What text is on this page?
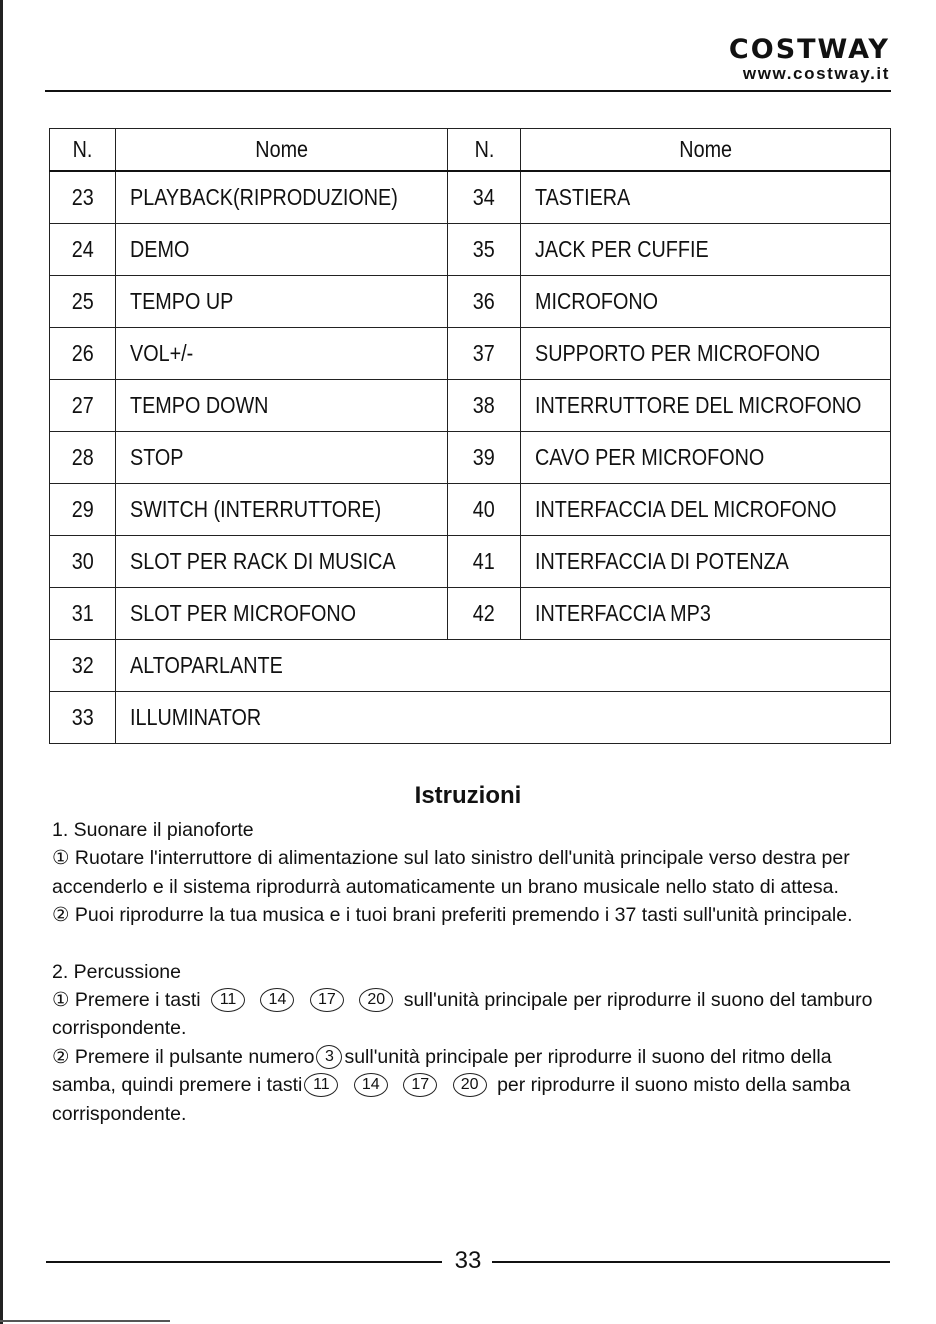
COSTWAY
www.costway.it
N.	Nome	N.	Nome
23	PLAYBACK(RIPRODUZIONE)	34	TASTIERA
24	DEMO	35	JACK PER CUFFIE
25	TEMPO UP	36	MICROFONO
26	VOL+/-	37	SUPPORTO PER MICROFONO
27	TEMPO DOWN	38	INTERRUTTORE DEL MICROFONO
28	STOP	39	CAVO PER MICROFONO
29	SWITCH (INTERRUTTORE)	40	INTERFACCIA DEL MICROFONO
30	SLOT PER RACK DI MUSICA	41	INTERFACCIA DI POTENZA
31	SLOT PER MICROFONO	42	INTERFACCIA MP3
32	ALTOPARLANTE		
33	ILLUMINATOR		
Istruzioni

1. Suonare il pianoforte

① Ruotare l'interruttore di alimentazione sul lato sinistro dell'unità principale verso destra per accenderlo e il sistema riprodurrà automaticamente un brano musicale nello stato di attesa.

② Puoi riprodurre la tua musica e i tuoi brani preferiti premendo i 37 tasti sull'unità principale.

2. Percussione

① Premere i tasti 11 14 17 20 sull'unità principale per riprodurre il suono del tamburo corrispondente.

② Premere il pulsante numero 3 sull'unità principale per riprodurre il suono del ritmo della samba, quindi premere i tasti 11 14 17 20 per riprodurre il suono misto della samba corrispondente.

33
